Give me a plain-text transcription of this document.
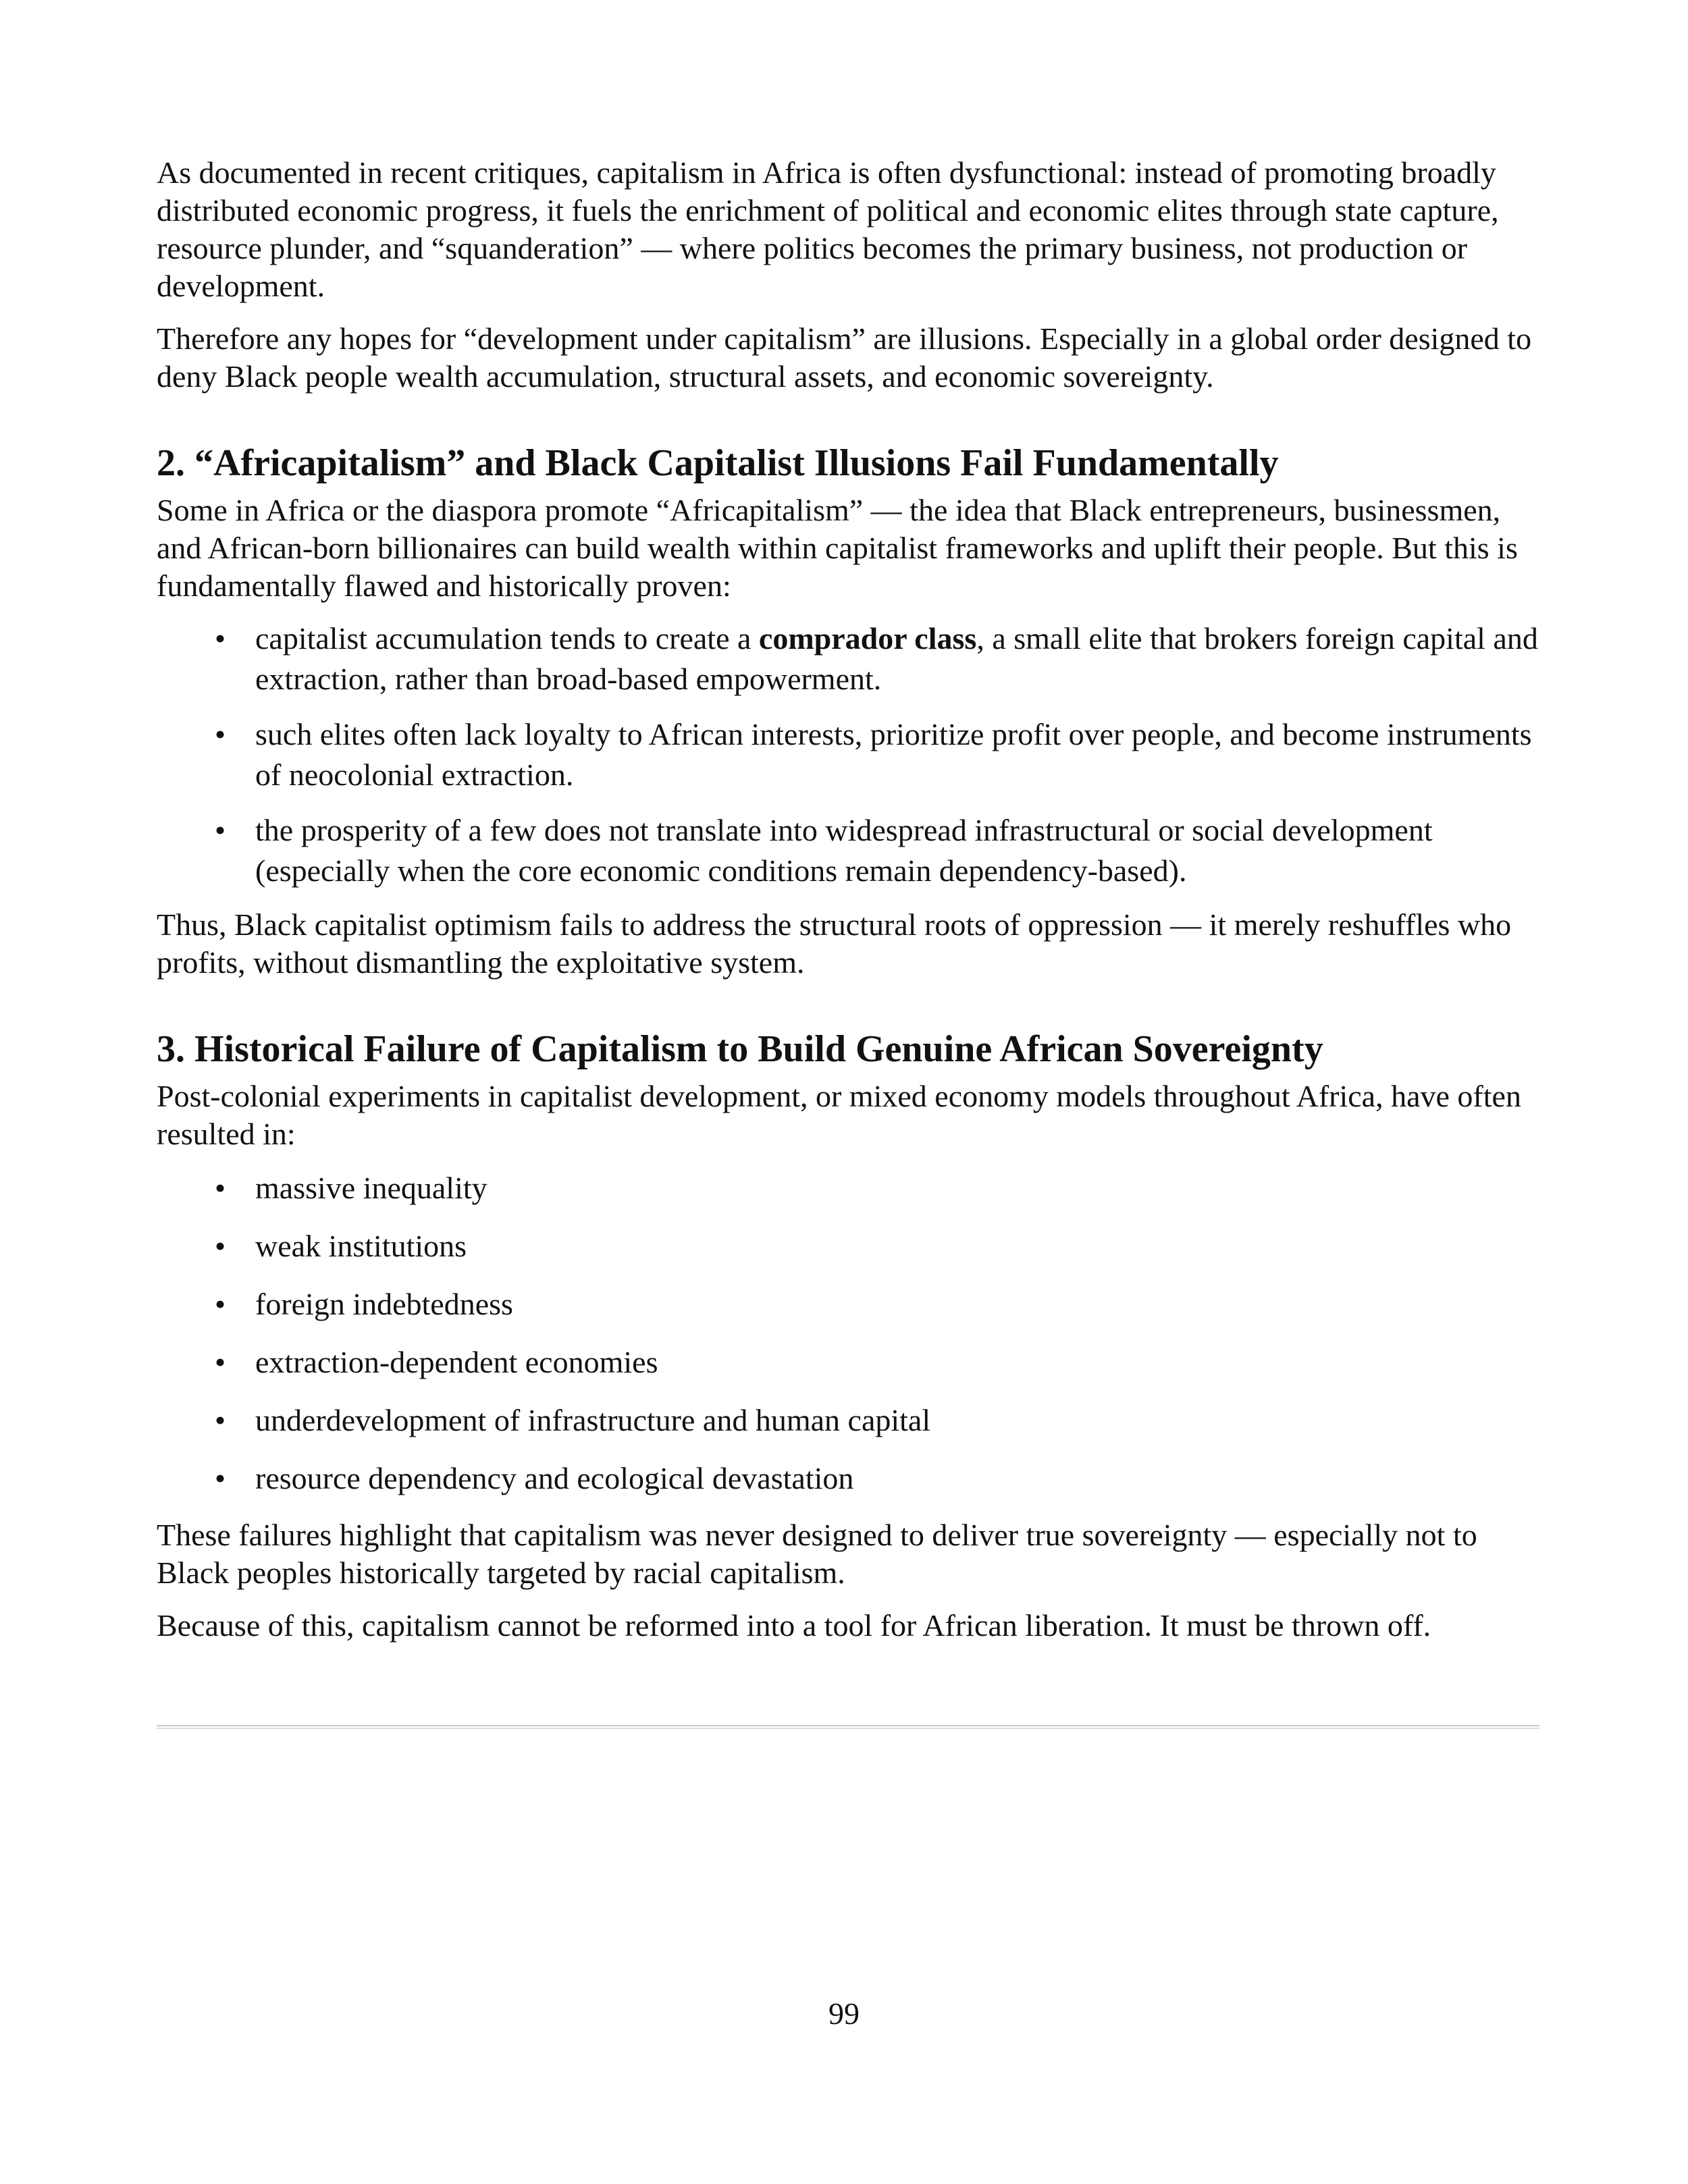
As documented in recent critiques, capitalism in Africa is often dysfunctional: instead of promoting broadly distributed economic progress, it fuels the enrichment of political and economic elites through state capture, resource plunder, and “squanderation” — where politics becomes the primary business, not production or development.

Therefore any hopes for “development under capitalism” are illusions. Especially in a global order designed to deny Black people wealth accumulation, structural assets, and economic sovereignty.

2. “Africapitalism” and Black Capitalist Illusions Fail Fundamentally

Some in Africa or the diaspora promote “Africapitalism” — the idea that Black entrepreneurs, businessmen, and African-born billionaires can build wealth within capitalist frameworks and uplift their people. But this is fundamentally flawed and historically proven:

• capitalist accumulation tends to create a comprador class, a small elite that brokers foreign capital and extraction, rather than broad-based empowerment.
• such elites often lack loyalty to African interests, prioritize profit over people, and become instruments of neocolonial extraction.
• the prosperity of a few does not translate into widespread infrastructural or social development (especially when the core economic conditions remain dependency-based).

Thus, Black capitalist optimism fails to address the structural roots of oppression — it merely reshuffles who profits, without dismantling the exploitative system.

3. Historical Failure of Capitalism to Build Genuine African Sovereignty

Post-colonial experiments in capitalist development, or mixed economy models throughout Africa, have often resulted in:

• massive inequality
• weak institutions
• foreign indebtedness
• extraction-dependent economies
• underdevelopment of infrastructure and human capital
• resource dependency and ecological devastation

These failures highlight that capitalism was never designed to deliver true sovereignty — especially not to Black peoples historically targeted by racial capitalism.

Because of this, capitalism cannot be reformed into a tool for African liberation. It must be thrown off.

99
